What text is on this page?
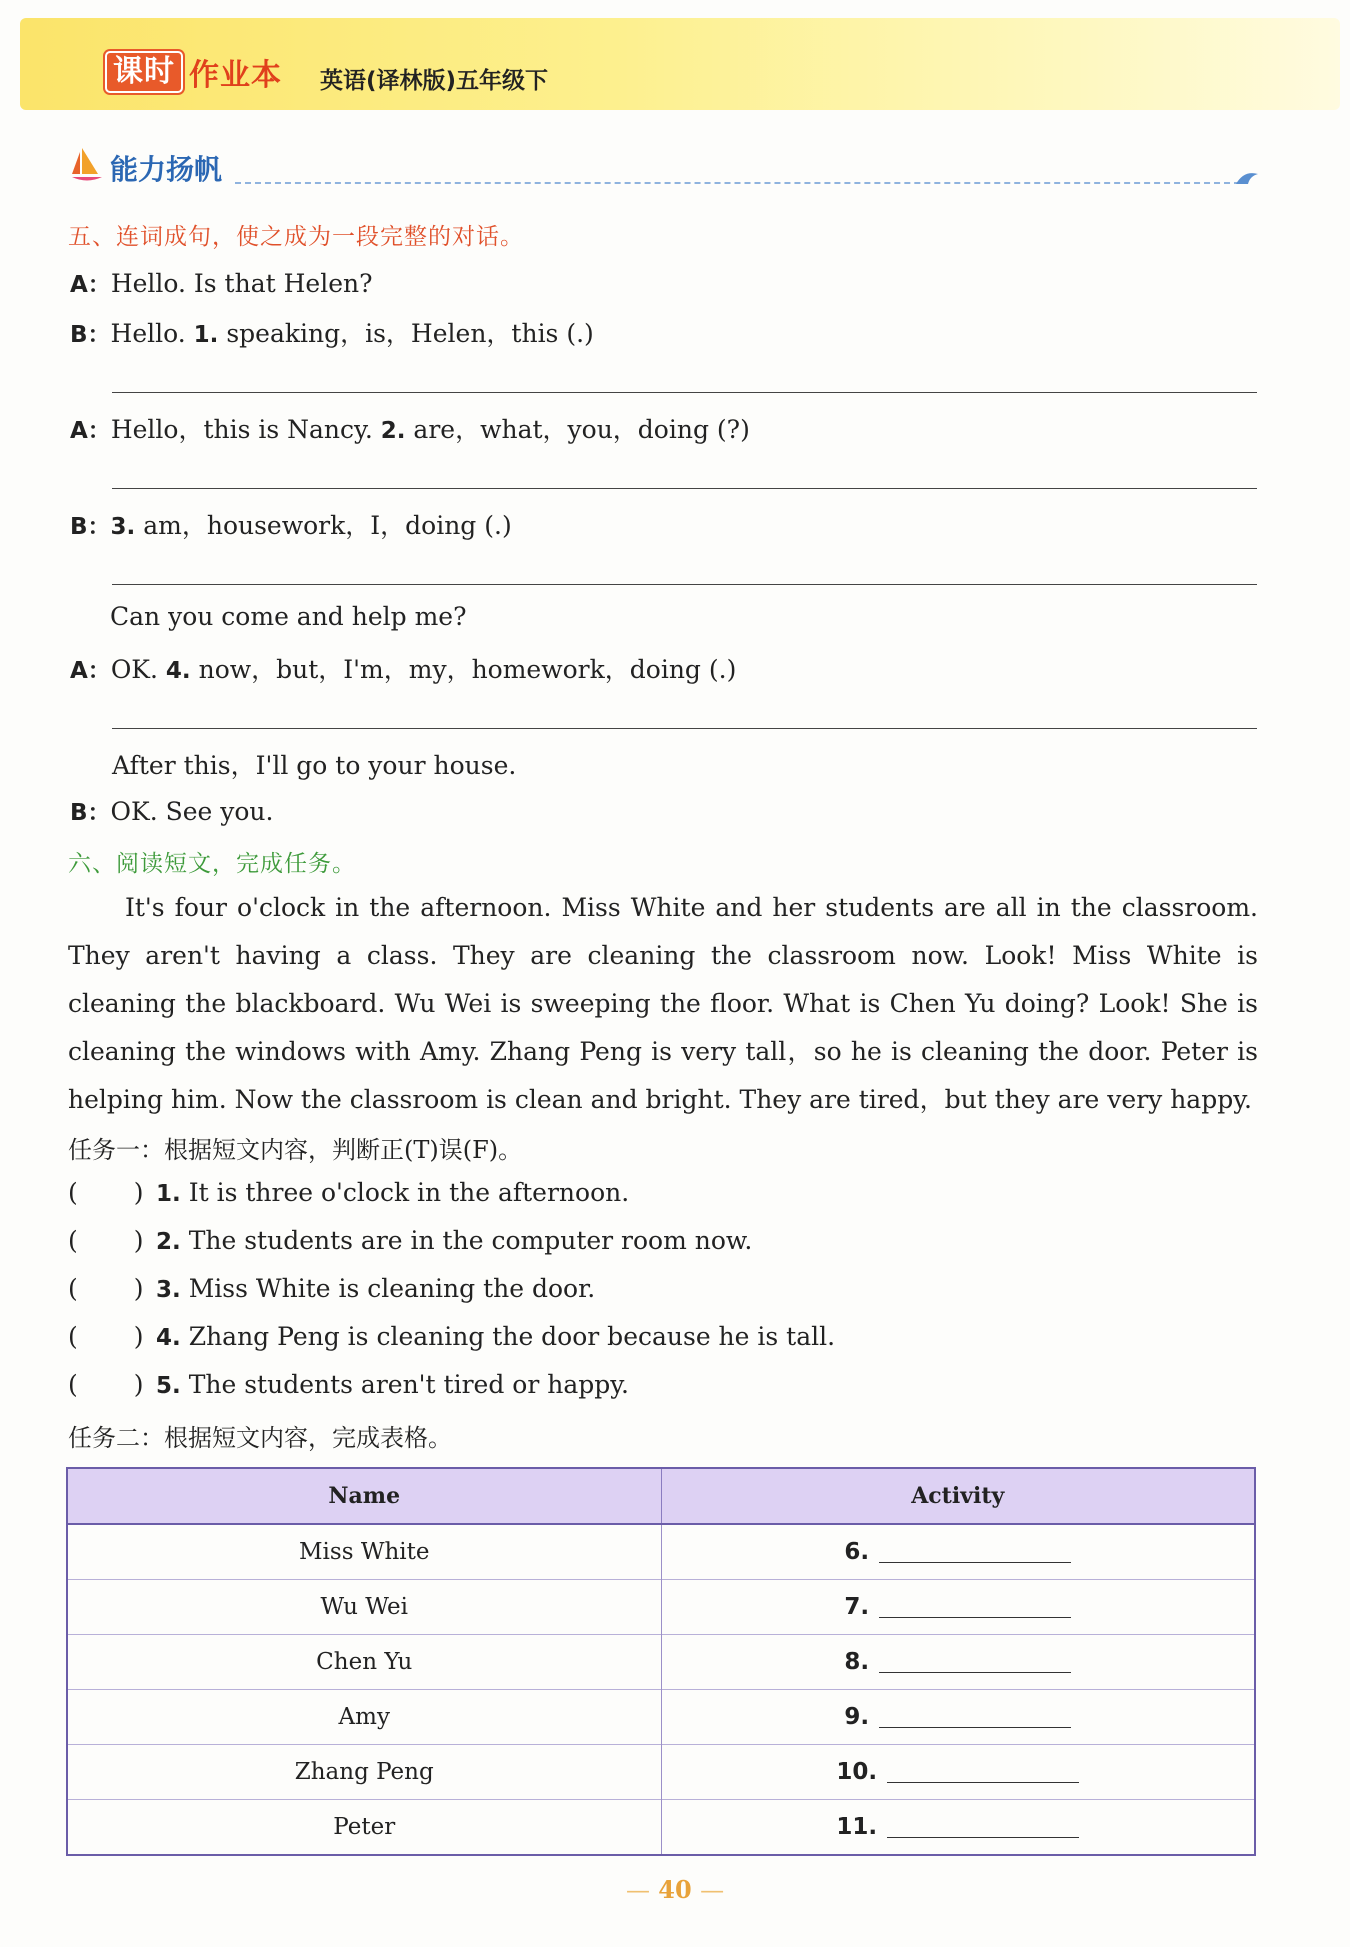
课时 作业本 英语(译林版)五年级下
能力扬帆
五、连词成句，使之成为一段完整的对话。
A：Hello. Is that Helen?
B：Hello. 1. speaking，is，Helen，this (.)
A：Hello，this is Nancy. 2. are，what，you，doing (?)
B：3. am，housework，I，doing (.)
Can you come and help me?
A：OK. 4. now，but，I'm，my，homework，doing (.)
After this，I'll go to your house.
B：OK. See you.
六、阅读短文，完成任务。
It's four o'clock in the afternoon. Miss White and her students are all in the classroom. They aren't having a class. They are cleaning the classroom now. Look! Miss White is cleaning the blackboard. Wu Wei is sweeping the floor. What is Chen Yu doing? Look! She is cleaning the windows with Amy. Zhang Peng is very tall，so he is cleaning the door. Peter is helping him. Now the classroom is clean and bright. They are tired，but they are very happy.
任务一：根据短文内容，判断正(T)误(F)。
( ) 1. It is three o'clock in the afternoon.
( ) 2. The students are in the computer room now.
( ) 3. Miss White is cleaning the door.
( ) 4. Zhang Peng is cleaning the door because he is tall.
( ) 5. The students aren't tired or happy.
任务二：根据短文内容，完成表格。
Name	Activity
Miss White	6.
Wu Wei	7.
Chen Yu	8.
Amy	9.
Zhang Peng	10.
Peter	11.
— 40 —
